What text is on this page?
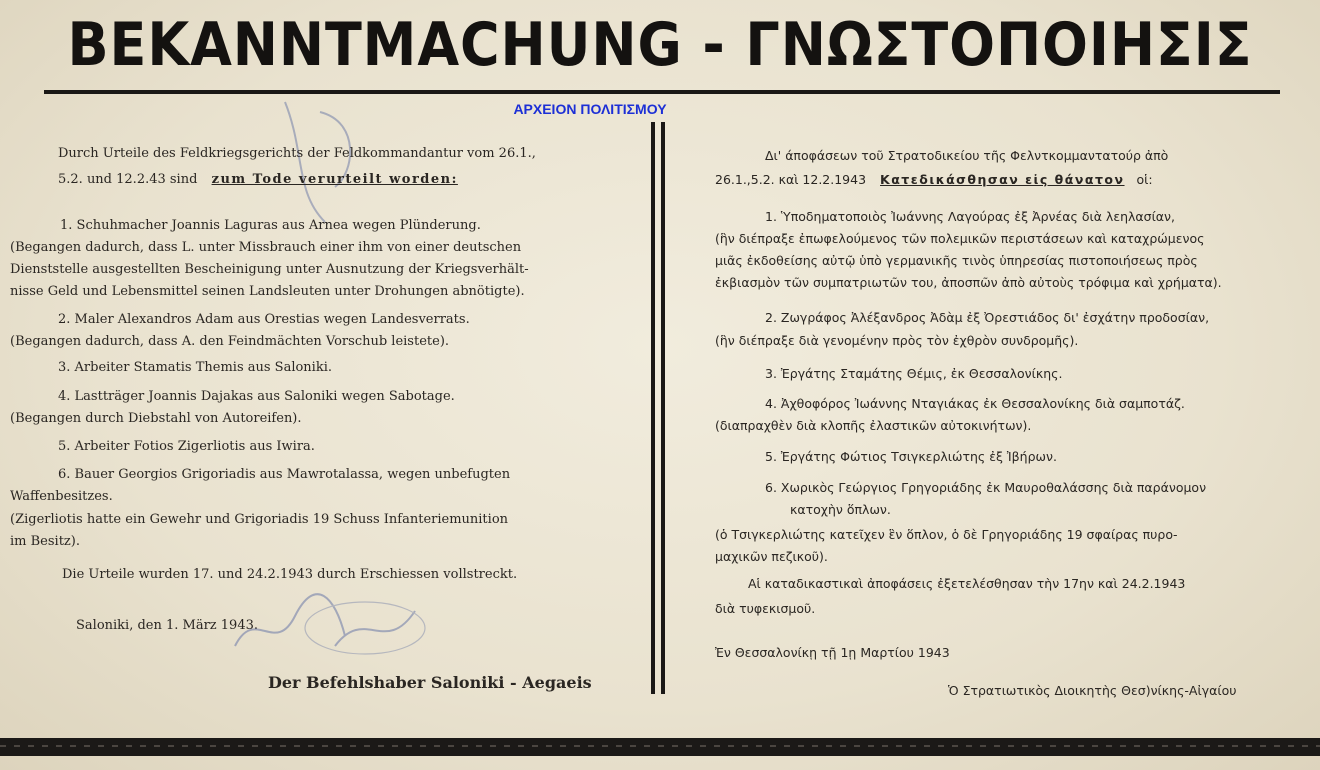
BEKANNTMACHUNG - ΓΝΩΣΤΟΠΟΙΗΣΙΣ
ΑΡΧΕΙΟΝ ΠΟΛΙΤΙΣΜΟΥ
Durch Urteile des Feldkriegsgerichts der Feldkommandantur vom 26.1.,
5.2. und 12.2.43 sind zum Tode verurteilt worden:
1. Schuhmacher Joannis Laguras aus Arnea wegen Plünderung.
(Begangen dadurch, dass L. unter Missbrauch einer ihm von einer deutschen
Dienststelle ausgestellten Bescheinigung unter Ausnutzung der Kriegsverhält-
nisse Geld und Lebensmittel seinen Landsleuten unter Drohungen abnötigte).
2. Maler Alexandros Adam aus Orestias wegen Landesverrats.
(Begangen dadurch, dass A. den Feindmächten Vorschub leistete).
3. Arbeiter Stamatis Themis aus Saloniki.
4. Lastträger Joannis Dajakas aus Saloniki wegen Sabotage.
(Begangen durch Diebstahl von Autoreifen).
5. Arbeiter Fotios Zigerliotis aus Iwira.
6. Bauer Georgios Grigoriadis aus Mawrotalassa, wegen unbefugten
Waffenbesitzes.
(Zigerliotis hatte ein Gewehr und Grigoriadis 19 Schuss Infanteriemunition
im Besitz).
Die Urteile wurden 17. und 24.2.1943 durch Erschiessen vollstreckt.
Saloniki, den 1. März 1943.
Der Befehlshaber Saloniki - Aegaeis
Δι' άποφάσεων τοῦ Στρατοδικείου τῆς Φελντκομμαντατούρ ἀπὸ
26.1.,5.2. καὶ 12.2.1943 Κατεδικάσθησαν εἰς θάνατον οἱ:
1. Ὑποδηματοποιὸς Ἰωάννης Λαγούρας ἐξ Ἀρνέας διὰ λεηλασίαν,
(ἣν διέπραξε ἐπωφελούμενος τῶν πολεμικῶν περιστάσεων καὶ καταχρώμενος
μιᾶς ἐκδοθείσης αὐτῷ ὑπὸ γερμανικῆς τινὸς ὑπηρεσίας πιστοποιήσεως πρὸς
ἐκβιασμὸν τῶν συμπατριωτῶν του, ἀποσπῶν ἀπὸ αὐτοὺς τρόφιμα καὶ χρήματα).
2. Ζωγράφος Ἀλέξανδρος Ἀδὰμ ἐξ Ὀρεστιάδος δι' ἐσχάτην προδοσίαν,
(ἣν διέπραξε διὰ γενομένην πρὸς τὸν ἐχθρὸν συνδρομῆς).
3. Ἐργάτης Σταμάτης Θέμις, ἐκ Θεσσαλονίκης.
4. Ἀχθοφόρος Ἰωάννης Νταγιάκας ἐκ Θεσσαλονίκης διὰ σαμποτάζ.
(διαπραχθὲν διὰ κλοπῆς ἐλαστικῶν αὐτοκινήτων).
5. Ἐργάτης Φώτιος Τσιγκερλιώτης ἐξ Ἰβήρων.
6. Χωρικὸς Γεώργιος Γρηγοριάδης ἐκ Μαυροθαλάσσης διὰ παράνομον
κατοχὴν ὅπλων.
(ὁ Τσιγκερλιώτης κατεῖχεν ἓν ὅπλον, ὁ δὲ Γρηγοριάδης 19 σφαίρας πυρο-
μαχικῶν πεζικοῦ).
Αἱ καταδικαστικαὶ ἀποφάσεις ἐξετελέσθησαν τὴν 17ην καὶ 24.2.1943
διὰ τυφεκισμοῦ.
Ἐν Θεσσαλονίκῃ τῇ 1ῃ Μαρτίου 1943
Ὁ Στρατιωτικὸς Διοικητὴς Θεσ)νίκης-Αἰγαίου
